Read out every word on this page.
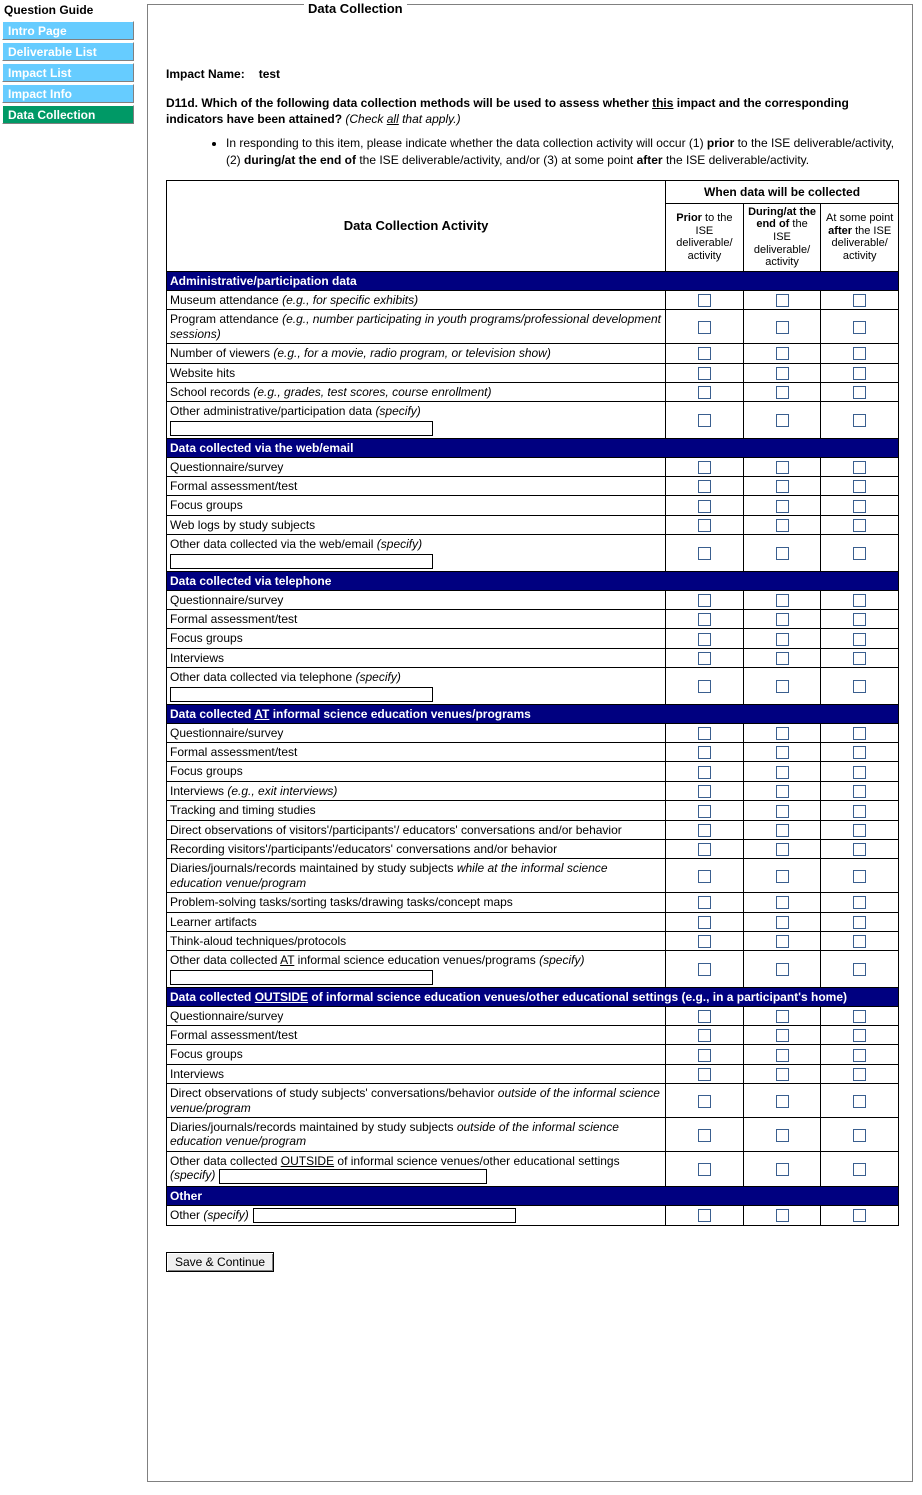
Question Guide
Intro Page
Deliverable List
Impact List
Impact Info
Data Collection
Data Collection
Impact Name: test
D11d. Which of the following data collection methods will be used to assess whether this impact and the corresponding indicators have been attained? (Check all that apply.)
• In responding to this item, please indicate whether the data collection activity will occur (1) prior to the ISE deliverable/activity, (2) during/at the end of the ISE deliverable/activity, and/or (3) at some point after the ISE deliverable/activity.
Data Collection Activity	When data will be collected		
	Prior to the ISE deliverable/ activity	During/at the end of the ISE deliverable/ activity	At some point after the ISE deliverable/ activity
Administrative/participation data			
Museum attendance (e.g., for specific exhibits)			
Program attendance (e.g., number participating in youth programs/professional development sessions)			
Number of viewers (e.g., for a movie, radio program, or television show)			
Website hits			
School records (e.g., grades, test scores, course enrollment)			
Other administrative/participation data (specify)

Data collected via the web/email			
Questionnaire/survey			
Formal assessment/test			
Focus groups			
Web logs by study subjects			
Other data collected via the web/email (specify)

Data collected via telephone			
Questionnaire/survey			
Formal assessment/test			
Focus groups			
Interviews			
Other data collected via telephone (specify)

Data collected AT informal science education venues/programs			
Questionnaire/survey			
Formal assessment/test			
Focus groups			
Interviews (e.g., exit interviews)			
Tracking and timing studies			
Direct observations of visitors'/participants'/ educators' conversations and/or behavior			
Recording visitors'/participants'/educators' conversations and/or behavior			
Diaries/journals/records maintained by study subjects while at the informal science education venue/program			
Problem-solving tasks/sorting tasks/drawing tasks/concept maps			
Learner artifacts			
Think-aloud techniques/protocols			
Other data collected AT informal science education venues/programs (specify)

Data collected OUTSIDE of informal science education venues/other educational settings (e.g., in a participant's home)			
Questionnaire/survey			
Formal assessment/test			
Focus groups			
Interviews			
Direct observations of study subjects' conversations/behavior outside of the informal science venue/program			
Diaries/journals/records maintained by study subjects outside of the informal science education venue/program			
Other data collected OUTSIDE of informal science venues/other educational settings (specify)			
Other			
Other (specify)			
Save & Continue
